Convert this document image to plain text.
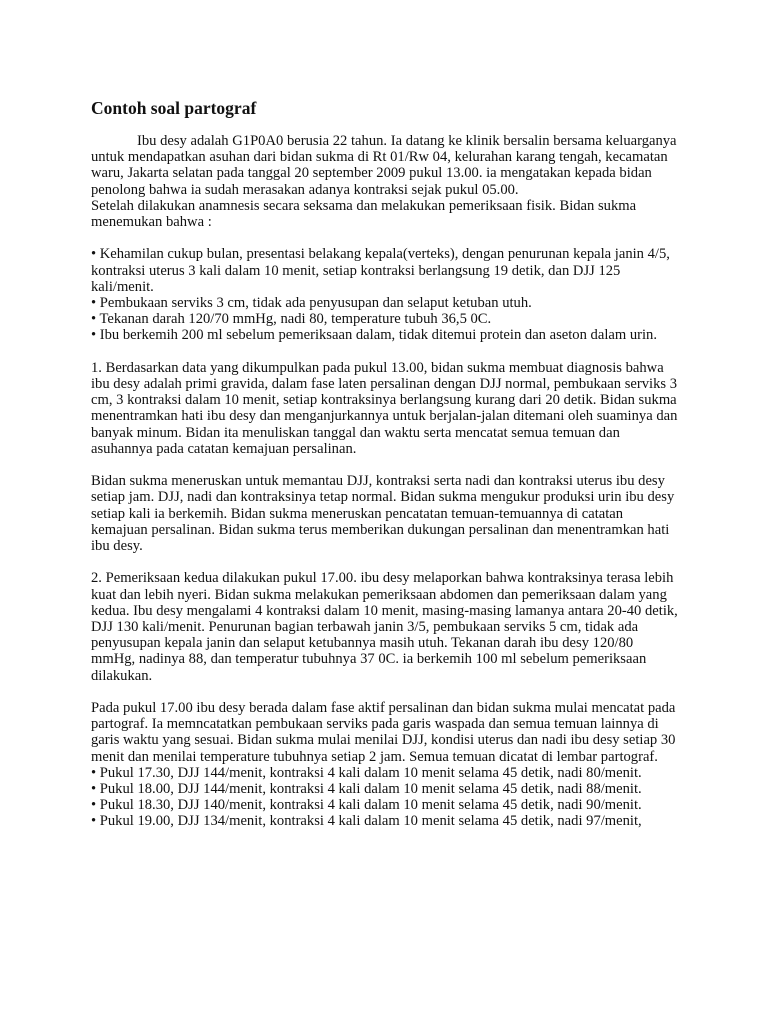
Contoh soal partograf

Ibu desy adalah G1P0A0 berusia 22 tahun. Ia datang ke klinik bersalin bersama keluarganya untuk mendapatkan asuhan dari bidan sukma di Rt 01/Rw 04, kelurahan karang tengah, kecamatan waru, Jakarta selatan pada tanggal 20 september 2009 pukul 13.00. ia mengatakan kepada bidan penolong bahwa ia sudah merasakan adanya kontraksi sejak pukul 05.00.

Setelah dilakukan anamnesis secara seksama dan melakukan pemeriksaan fisik. Bidan sukma menemukan bahwa :

• Kehamilan cukup bulan, presentasi belakang kepala(verteks), dengan penurunan kepala janin 4/5, kontraksi uterus 3 kali dalam 10 menit, setiap kontraksi berlangsung 19 detik, dan DJJ 125 kali/menit.

• Pembukaan serviks 3 cm, tidak ada penyusupan dan selaput ketuban utuh.

• Tekanan darah 120/70 mmHg, nadi 80, temperature tubuh 36,5 0C.

• Ibu berkemih 200 ml sebelum pemeriksaan dalam, tidak ditemui protein dan aseton dalam urin.

1. Berdasarkan data yang dikumpulkan pada pukul 13.00, bidan sukma membuat diagnosis bahwa ibu desy adalah primi gravida, dalam fase laten persalinan dengan DJJ normal, pembukaan serviks 3 cm, 3 kontraksi dalam 10 menit, setiap kontraksinya berlangsung kurang dari 20 detik. Bidan sukma menentramkan hati ibu desy dan menganjurkannya untuk berjalan-jalan ditemani oleh suaminya dan banyak minum. Bidan ita menuliskan tanggal dan waktu serta mencatat semua temuan dan asuhannya pada catatan kemajuan persalinan.

Bidan sukma meneruskan untuk memantau DJJ, kontraksi serta nadi dan kontraksi uterus ibu desy setiap jam. DJJ, nadi dan kontraksinya tetap normal. Bidan sukma mengukur produksi urin ibu desy setiap kali ia berkemih. Bidan sukma meneruskan pencatatan temuan-temuannya di catatan kemajuan persalinan. Bidan sukma terus memberikan dukungan persalinan dan menentramkan hati ibu desy.

2. Pemeriksaan kedua dilakukan pukul 17.00. ibu desy melaporkan bahwa kontraksinya terasa lebih kuat dan lebih nyeri. Bidan sukma melakukan pemeriksaan abdomen dan pemeriksaan dalam yang kedua. Ibu desy mengalami 4 kontraksi dalam 10 menit, masing-masing lamanya antara 20-40 detik, DJJ 130 kali/menit. Penurunan bagian terbawah janin 3/5, pembukaan serviks 5 cm, tidak ada penyusupan kepala janin dan selaput ketubannya masih utuh. Tekanan darah ibu desy 120/80 mmHg, nadinya 88, dan temperatur tubuhnya 37 0C. ia berkemih 100 ml sebelum pemeriksaan dilakukan.

Pada pukul 17.00 ibu desy berada dalam fase aktif persalinan dan bidan sukma mulai mencatat pada partograf. Ia memncatatkan pembukaan serviks pada garis waspada dan semua temuan lainnya di garis waktu yang sesuai. Bidan sukma mulai menilai DJJ, kondisi uterus dan nadi ibu desy setiap 30 menit dan menilai temperature tubuhnya setiap 2 jam. Semua temuan dicatat di lembar partograf.

• Pukul 17.30, DJJ 144/menit, kontraksi 4 kali dalam 10 menit selama 45 detik, nadi 80/menit.

• Pukul 18.00, DJJ 144/menit, kontraksi 4 kali dalam 10 menit selama 45 detik, nadi 88/menit.

• Pukul 18.30, DJJ 140/menit, kontraksi 4 kali dalam 10 menit selama 45 detik, nadi 90/menit.

• Pukul 19.00, DJJ 134/menit, kontraksi 4 kali dalam 10 menit selama 45 detik, nadi 97/menit,
